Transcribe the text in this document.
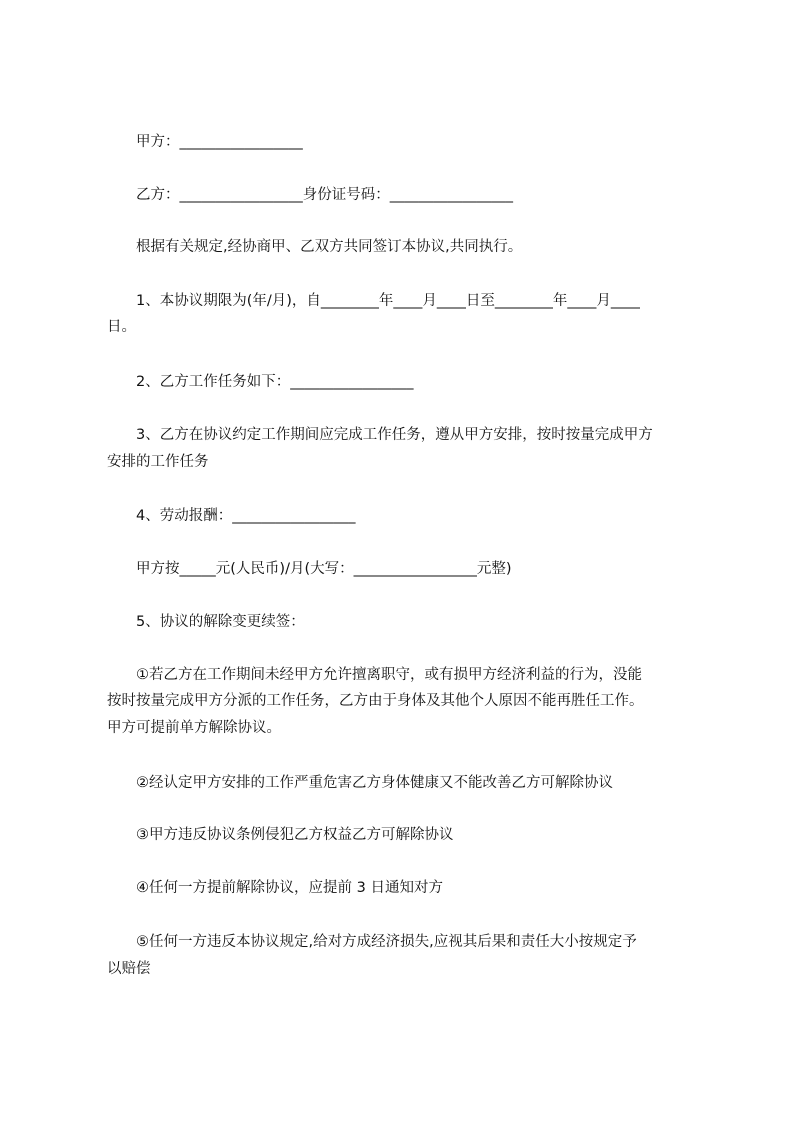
甲方：_________________
乙方：_________________身份证号码：_________________
根据有关规定,经协商甲、乙双方共同签订本协议,共同执行。
1、本协议期限为(年/月)，自________年____月____日至________年____月____
日。
2、乙方工作任务如下：_________________
3、乙方在协议约定工作期间应完成工作任务，遵从甲方安排，按时按量完成甲方
安排的工作任务
4、劳动报酬：_________________
甲方按_____元(人民币)/月(大写：_________________元整)
5、协议的解除变更续签：
①若乙方在工作期间未经甲方允许擅离职守，或有损甲方经济利益的行为，没能
按时按量完成甲方分派的工作任务，乙方由于身体及其他个人原因不能再胜任工作。
甲方可提前单方解除协议。
②经认定甲方安排的工作严重危害乙方身体健康又不能改善乙方可解除协议
③甲方违反协议条例侵犯乙方权益乙方可解除协议
④任何一方提前解除协议，应提前 3 日通知对方
⑤任何一方违反本协议规定,给对方成经济损失,应视其后果和责任大小按规定予
以赔偿
